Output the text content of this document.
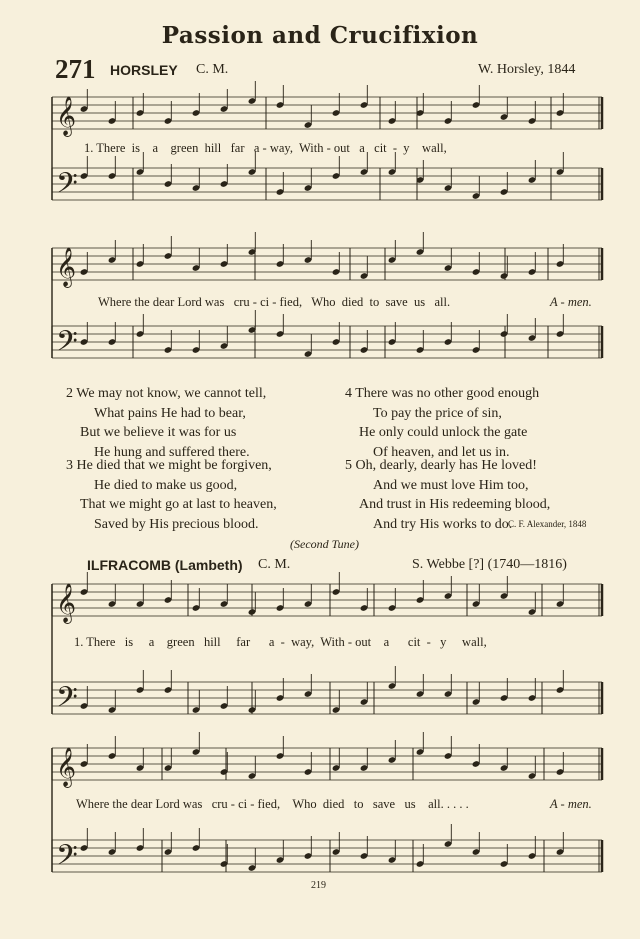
Passion and Crucifixion
271 HORSLEY C. M.	W. Horsley, 1844
𝄞
𝄢
𝄞
𝄢
𝄞
𝄢
𝄞
𝄢
1. There  is    a    green  hill   far   a - way,  With - out   a   cit  -  y    wall,
Where the dear Lord was   cru - ci - fied,   Who  died  to  save  us   all.	A - men.
2 We may not know, we cannot tell,
What pains He had to bear,
But we believe it was for us
He hung and suffered there.
3 He died that we might be forgiven,
He died to make us good,
That we might go at last to heaven,
Saved by His precious blood.
4 There was no other good enough
To pay the price of sin,
He only could unlock the gate
Of heaven, and let us in.
5 Oh, dearly, dearly has He loved!
And we must love Him too,
And trust in His redeeming blood,
And try His works to do.
C. F. Alexander, 1848
(Second Tune)
ILFRACOMB (Lambeth) C. M.	S. Webbe [?] (1740—1816)
1. There   is     a    green   hill     far      a  -  way,  With - out    a      cit  -   y     wall,
Where the dear Lord was   cru - ci - fied,    Who  died   to   save   us    all. . . . .	A - men.
219
